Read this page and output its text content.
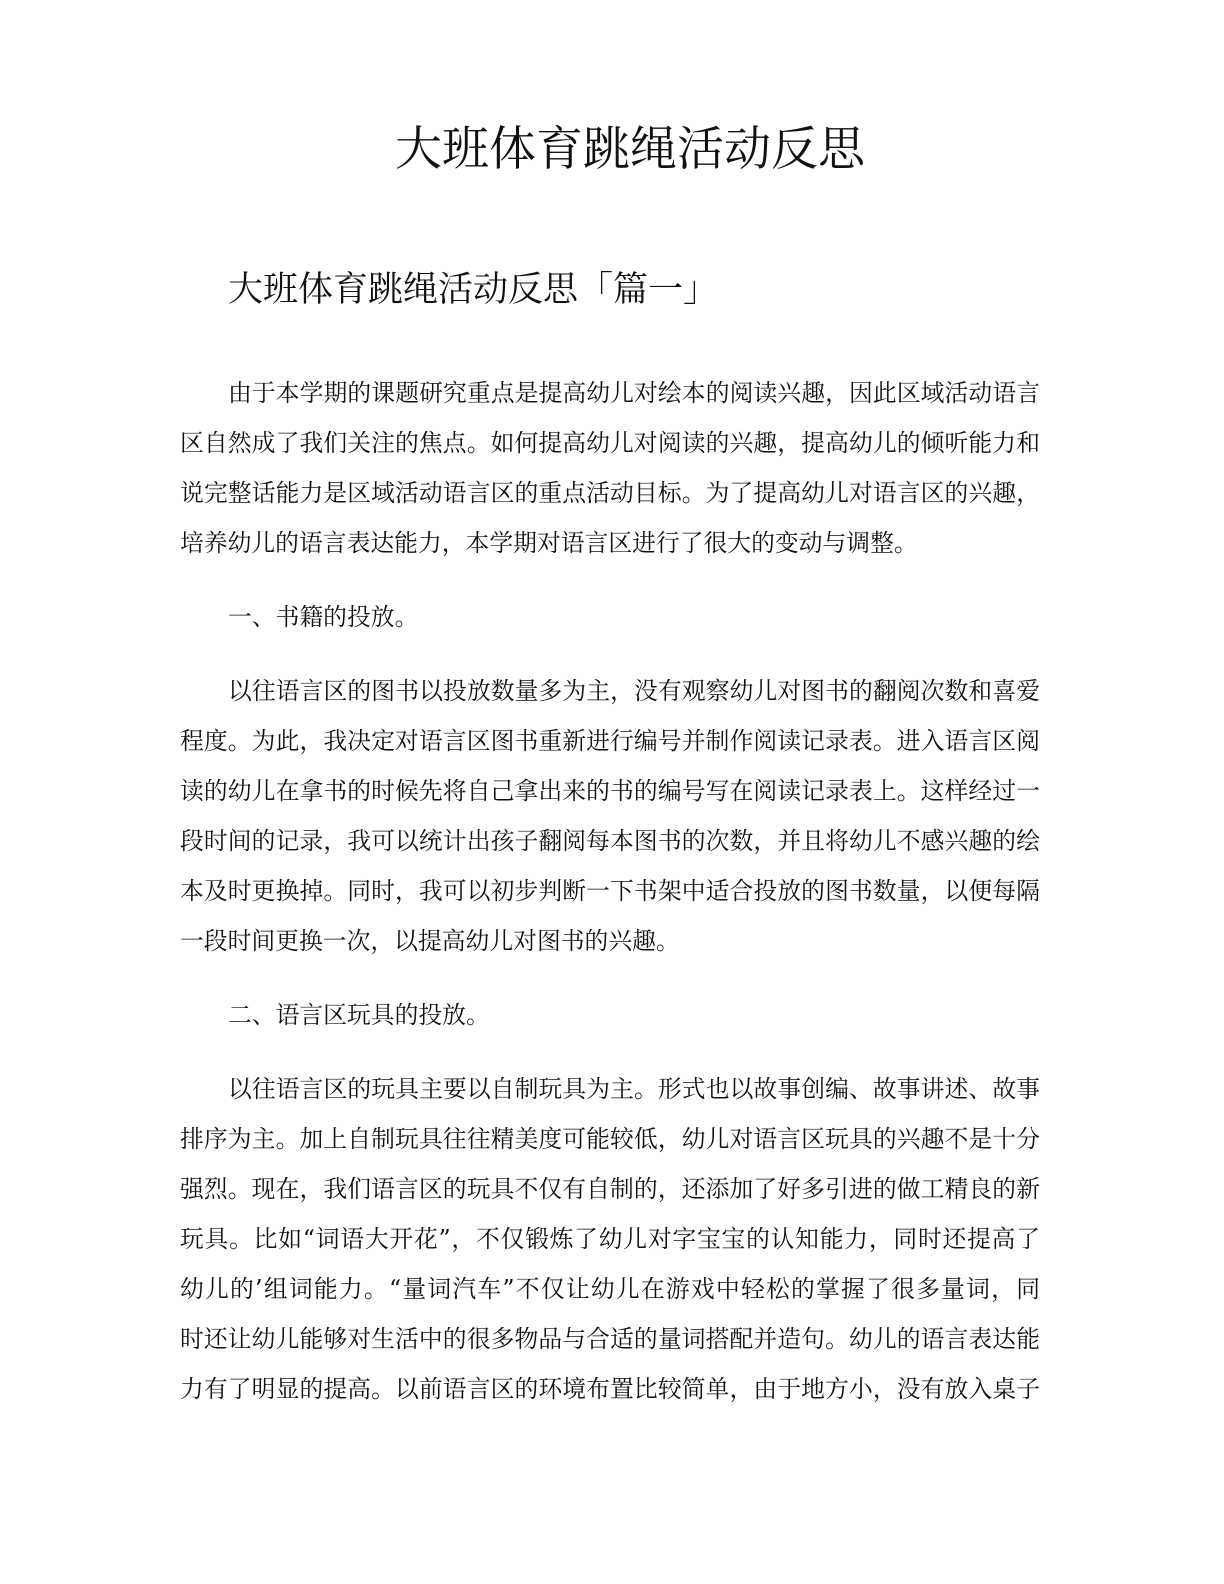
大班体育跳绳活动反思
大班体育跳绳活动反思「篇一」
由于本学期的课题研究重点是提高幼儿对绘本的阅读兴趣，因此区域活动语言
区自然成了我们关注的焦点。如何提高幼儿对阅读的兴趣，提高幼儿的倾听能力和
说完整话能力是区域活动语言区的重点活动目标。为了提高幼儿对语言区的兴趣，
培养幼儿的语言表达能力，本学期对语言区进行了很大的变动与调整。
一、书籍的投放。
以往语言区的图书以投放数量多为主，没有观察幼儿对图书的翻阅次数和喜爱
程度。为此，我决定对语言区图书重新进行编号并制作阅读记录表。进入语言区阅
读的幼儿在拿书的时候先将自己拿出来的书的编号写在阅读记录表上。这样经过一
段时间的记录，我可以统计出孩子翻阅每本图书的次数，并且将幼儿不感兴趣的绘
本及时更换掉。同时，我可以初步判断一下书架中适合投放的图书数量，以便每隔
一段时间更换一次，以提高幼儿对图书的兴趣。
二、语言区玩具的投放。
以往语言区的玩具主要以自制玩具为主。形式也以故事创编、故事讲述、故事
排序为主。加上自制玩具往往精美度可能较低，幼儿对语言区玩具的兴趣不是十分
强烈。现在，我们语言区的玩具不仅有自制的，还添加了好多引进的做工精良的新
玩具。比如“词语大开花”，不仅锻炼了幼儿对字宝宝的认知能力，同时还提高了
幼儿的’组词能力。“量词汽车”不仅让幼儿在游戏中轻松的掌握了很多量词，同
时还让幼儿能够对生活中的很多物品与合适的量词搭配并造句。幼儿的语言表达能
力有了明显的提高。以前语言区的环境布置比较简单，由于地方小，没有放入桌子
